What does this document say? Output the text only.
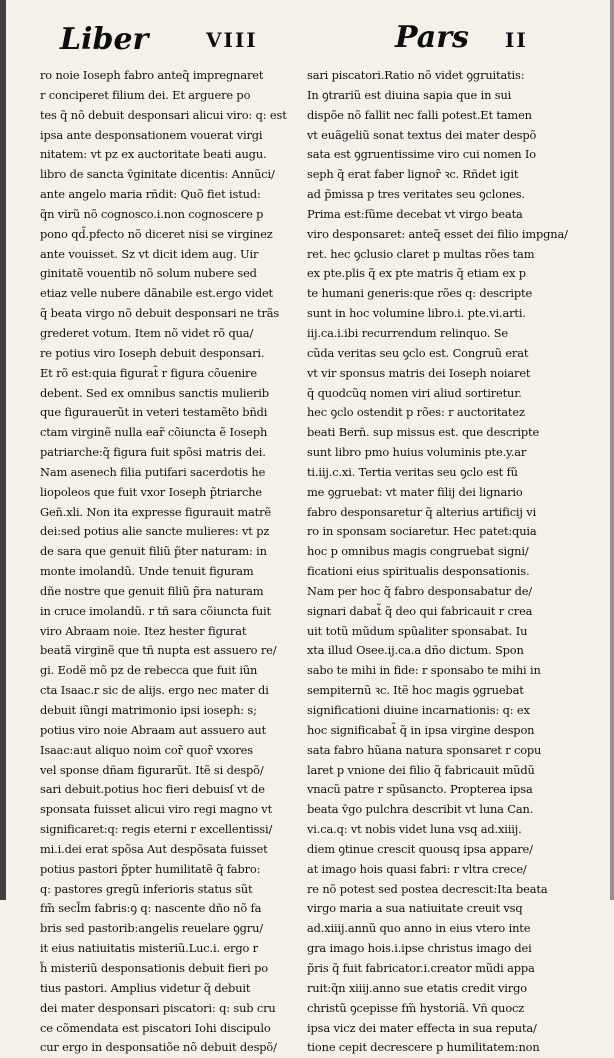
Liber	VIII	Pars II
ro noie Ioseph fabro anteq̃ impregnaret
r conciperet filium dei. Et arguere po
tes q̃ nõ debuit desponsari alicui viro: q: est
ipsa ante desponsationem vouerat virgi
nitatem: vt pz ex auctoritate beati augu.
libro de sancta v̄ginitate dicentis: Annũci/
ante angelo maria rñdit: Quõ fiet istud:
q̃n virũ nõ cognosco.i.non cognoscere p
pono qd̃.pfecto nõ diceret nisi se virginez
ante vouisset. Sz vt dicit idem aug. Uir
ginitatẽ vouentib nõ solum nubere sed
etiaz velle nubere dãnabile est.ergo videt
q̃ beata virgo nõ debuit desponsari ne trãs
grederet votum. Item nõ videt rõ qua/
re potius viro Ioseph debuit desponsari.
Et rõ est:quia figurat̃ r figura cõuenire
debent. Sed ex omnibus sanctis mulierib
que figurauerũt in veteri testamẽto bñdi
ctam virginẽ nulla ear̃ cõiuncta ẽ Ioseph
patriarche:q̃ figura fuit spõsi matris dei.
Nam asenech filia putifari sacerdotis he
liopoleos que fuit vxor Ioseph p̃triarche
Gen̄.xli. Non ita expresse figurauit matrẽ
dei:sed potius alie sancte mulieres: vt pz
de sara que genuit filiũ p̃ter naturam: in
monte imolandũ. Unde tenuit figuram
dñe nostre que genuit filiũ p̃ra naturam
in cruce imolandũ. r tñ sara cõiuncta fuit
viro Abraam noie. Itez hester figurat
beatã virginẽ que tñ nupta est assuero re/
gi. Eodẽ mõ pz de rebecca que fuit iũn
cta Isaac.r sic de alijs. ergo nec mater di
debuit iũngi matrimonio ipsi ioseph: s;
potius viro noie Abraam aut assuero aut
Isaac:aut aliquo noim cor̃ quor̃ vxores
vel sponse dñam figurarũt. Itẽ si despõ/
sari debuit.potius hoc fieri debuisſ vt de
sponsata fuisset alicui viro regi magno vt
significaret:q: regis eterni r excellentissi/
mi.i.dei erat spõsa Aut despõsata fuisset
potius pastori p̃pter humilitatẽ q̃ fabro:
q: pastores gregũ inferioris status sũt
fm̃ secl̃m fabris:ꝯ q: nascente dño nõ fa
bris sed pastorib:angelis reuelare ꝯgru/
it eius natiuitatis misteriũ.Luc.i. ergo r
h̃ misteriũ desponsationis debuit fieri po
tius pastori. Amplius videtur q̃ debuit
dei mater desponsari piscatori: q: sub cru
ce cõmendata est piscatori Iohi discipulo
cur ergo in desponsatiõe nõ debuit despõ/
sari piscatori.Ratio nõ videt ꝯgruitatis:
In ꝯtrariũ est diuina sapia que in sui
dispõe nõ fallit nec falli potest.Et tamen
vt euãgeliũ sonat textus dei mater despõ
sata est ꝯgruentissime viro cui nomen Io
seph q̃ erat faber lignor̃ ꝛc. Rñdet igit
ad p̃missa p tres veritates seu ꝯclones.
Prima est:fũme decebat vt virgo beata
viro desponsaret: anteq̃ esset dei filio impgna/
ret. hec ꝯclusio claret p multas rões tam
ex pte.plis q̃ ex pte matris q̃ etiam ex p
te humani generis:que rões q: descripte
sunt in hoc volumine libro.i. pte.vi.arti.
iij.ca.i.ibi recurrendum relinquo. Se
cũda veritas seu ꝯclo est. Congruũ erat
vt vir sponsus matris dei Ioseph noiaret
q̃ quodcũq nomen viri aliud sortiretur.
hec ꝯclo ostendit p rões: r auctoritatez
beati Bern̄. sup missus est. que descripte
sunt libro pmo huius voluminis pte.y.ar
ti.iij.c.xi. Tertia veritas seu ꝯclo est fũ
me ꝯgruebat: vt mater filij dei lignario
fabro desponsaretur q̃ alterius artificij vi
ro in sponsam sociaretur. Hec patet:quia
hoc p omnibus magis congruebat signi/
ficationi eius spiritualis desponsationis.
Nam per hoc q̃ fabro desponsabatur de/
signari dabat̃ q̃ deo qui fabricauit r crea
uit totũ mũdum spũaliter sponsabat. Iu
xta illud Osee.ij.ca.a dño dictum. Spon
sabo te mihi in fide: r sponsabo te mihi in
sempiternũ ꝛc. Itẽ hoc magis ꝯgruebat
significationi diuine incarnationis: q: ex
hoc significabat̃ q̃ in ipsa virgine despon
sata fabro hũana natura sponsaret r copu
laret p vnione dei filio q̃ fabricauit mũdũ
vnacũ patre r spũsancto. Propterea ipsa
beata v̄go pulchra describit vt luna Can.
vi.ca.q: vt nobis videt luna vsq ad.xiiij.
diem ꝯtinue crescit quousq ipsa appare/
at imago hois quasi fabri: r vltra crece/
re nõ potest sed postea decrescit:Ita beata
virgo maria a sua natiuitate creuit vsq
ad.xiiij.annũ quo anno in eius vtero inte
gra imago hois.i.ipse christus imago dei
p̃ris q̃ fuit fabricator.i.creator mũdi appa
ruit:q̃n xiiij.anno sue etatis credit virgo
christũ ꝯcepisse fm̃ hystoriã. Vñ quocz
ipsa vicz dei mater effecta in sua reputa/
tione cepit decrescere p humilitatem:non
